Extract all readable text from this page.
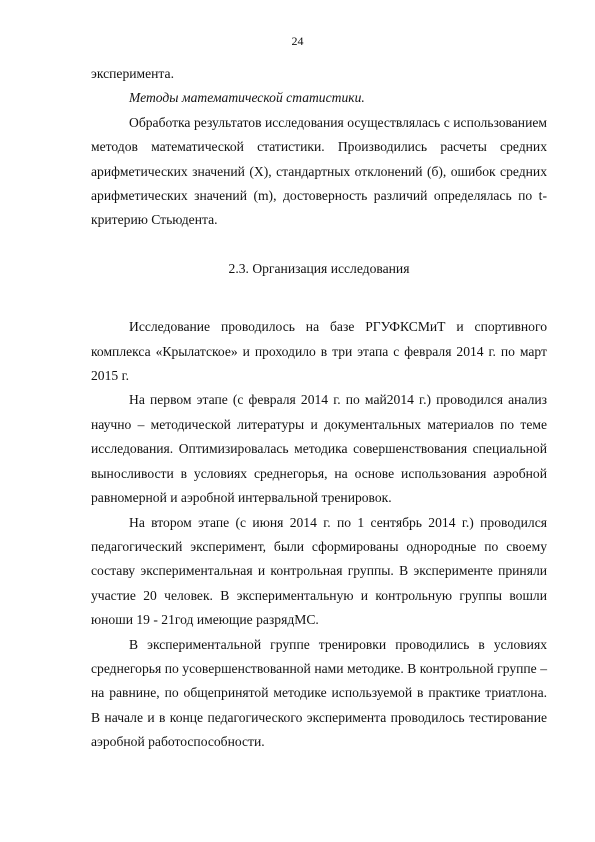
24

эксперимента.

Методы математической статистики.

Обработка результатов исследования осуществлялась с использованием методов математической статистики. Производились расчеты средних арифметических значений (Х), стандартных отклонений (б), ошибок средних арифметических значений (m), достоверность различий определялась по t-критерию Стьюдента.

2.3. Организация исследования

Исследование проводилось на базе РГУФКСМиТ и спортивного комплекса «Крылатское» и проходило в три этапа с февраля 2014 г. по март 2015 г.

На первом этапе (с февраля 2014 г. по май2014 г.) проводился анализ научно – методической литературы и документальных материалов по теме исследования. Оптимизировалась методика совершенствования специальной выносливости в условиях среднегорья, на основе использования аэробной равномерной и аэробной интервальной тренировок.

На втором этапе (с июня 2014 г. по 1 сентябрь 2014 г.) проводился педагогический эксперимент, были сформированы однородные по своему составу экспериментальная и контрольная группы. В эксперименте приняли участие 20 человек. В экспериментальную и контрольную группы вошли юноши 19 - 21год имеющие разрядМС.

В экспериментальной группе тренировки проводились в условиях среднегорья по усовершенствованной нами методике. В контрольной группе –на равнине, по общепринятой методике используемой в практике триатлона. В начале и в конце педагогического эксперимента проводилось тестирование аэробной работоспособности.
